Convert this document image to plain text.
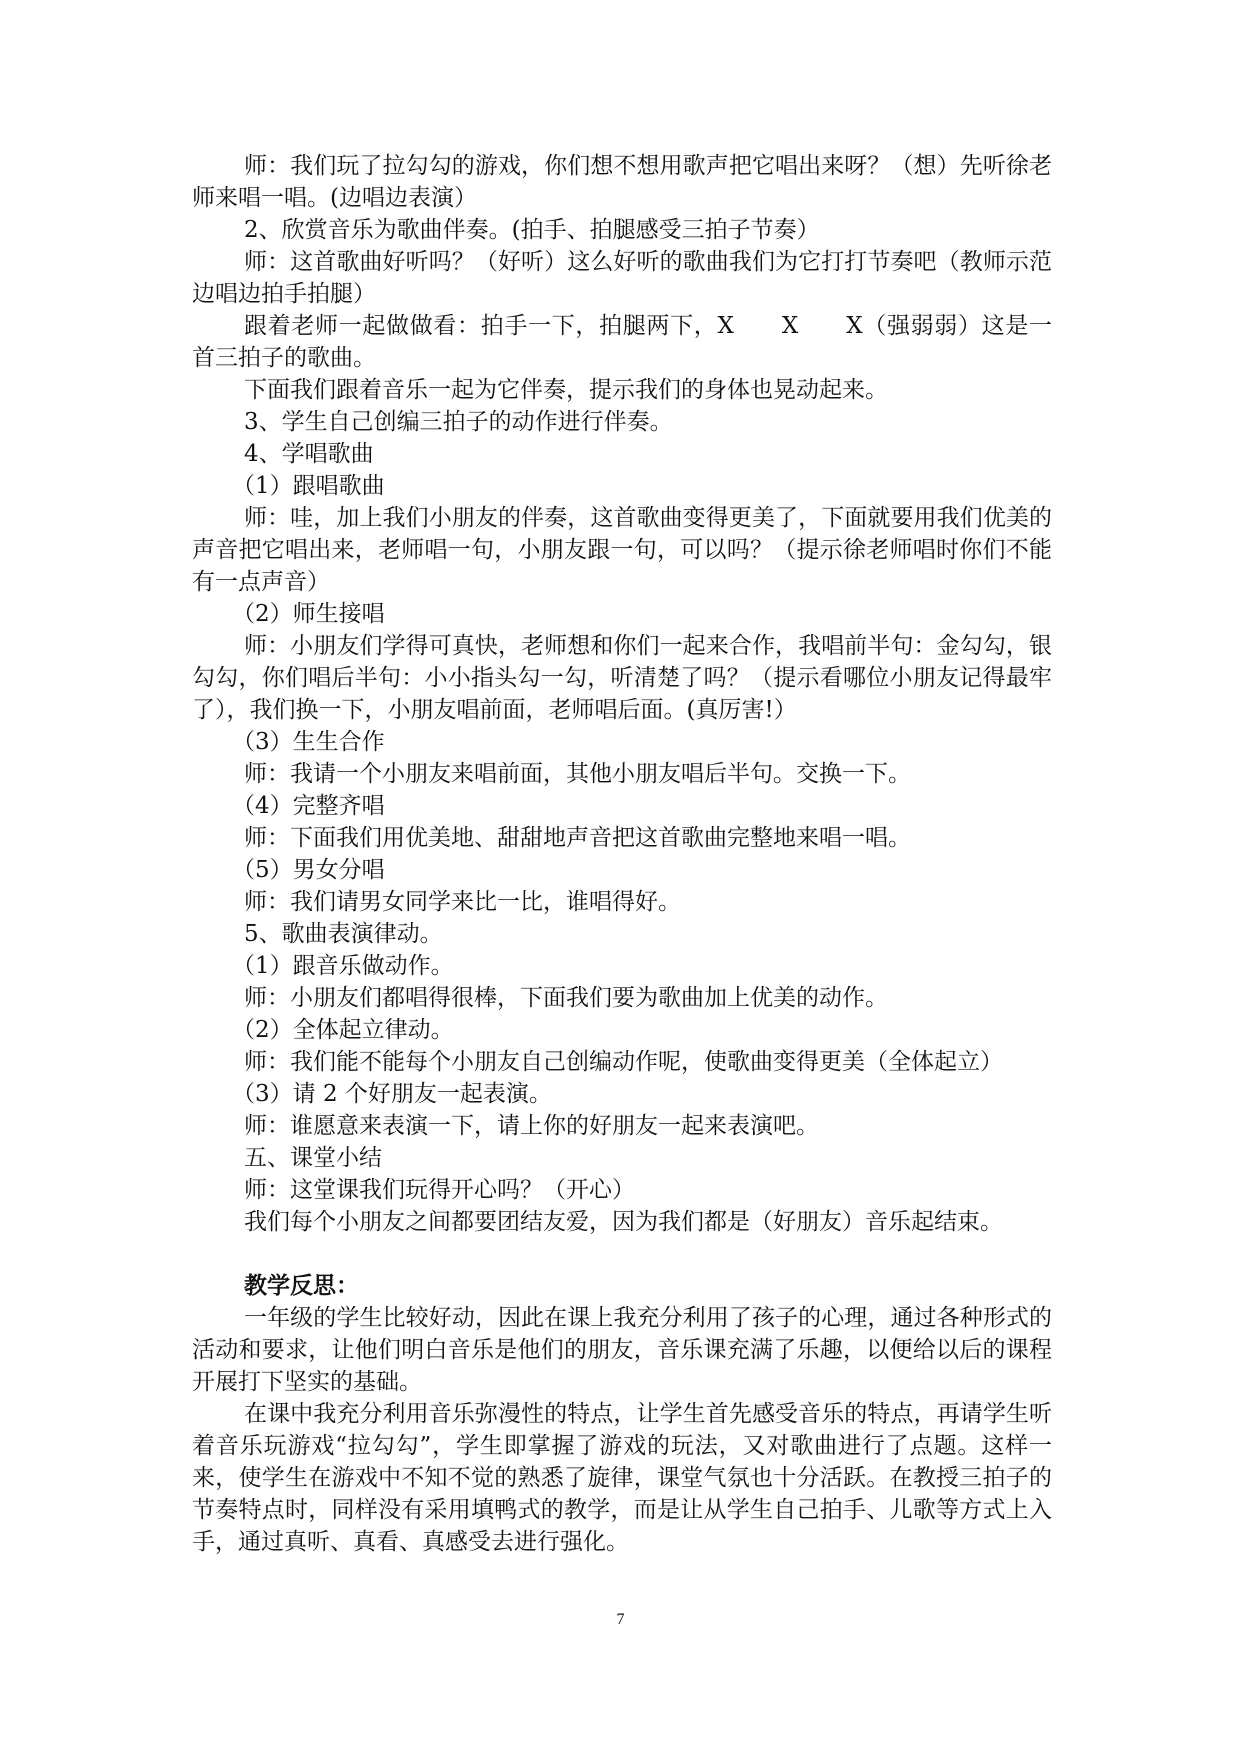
师：我们玩了拉勾勾的游戏，你们想不想用歌声把它唱出来呀？（想）先听徐老师来唱一唱。(边唱边表演）

2、欣赏音乐为歌曲伴奏。(拍手、拍腿感受三拍子节奏）

师：这首歌曲好听吗？（好听）这么好听的歌曲我们为它打打节奏吧（教师示范边唱边拍手拍腿）

跟着老师一起做做看：拍手一下，拍腿两下，X　　X　　X（强弱弱）这是一首三拍子的歌曲。

下面我们跟着音乐一起为它伴奏，提示我们的身体也晃动起来。

3、学生自己创编三拍子的动作进行伴奏。

4、学唱歌曲

（1）跟唱歌曲

师：哇，加上我们小朋友的伴奏，这首歌曲变得更美了，下面就要用我们优美的声音把它唱出来，老师唱一句，小朋友跟一句，可以吗？（提示徐老师唱时你们不能有一点声音）

（2）师生接唱

师：小朋友们学得可真快，老师想和你们一起来合作，我唱前半句：金勾勾，银勾勾，你们唱后半句：小小指头勾一勾，听清楚了吗？（提示看哪位小朋友记得最牢了），我们换一下，小朋友唱前面，老师唱后面。(真厉害!）

（3）生生合作

师：我请一个小朋友来唱前面，其他小朋友唱后半句。交换一下。

（4）完整齐唱

师：下面我们用优美地、甜甜地声音把这首歌曲完整地来唱一唱。

（5）男女分唱

师：我们请男女同学来比一比，谁唱得好。

5、歌曲表演律动。

（1）跟音乐做动作。

师：小朋友们都唱得很棒，下面我们要为歌曲加上优美的动作。

（2）全体起立律动。

师：我们能不能每个小朋友自己创编动作呢，使歌曲变得更美（全体起立）

（3）请 2 个好朋友一起表演。

师：谁愿意来表演一下，请上你的好朋友一起来表演吧。

五、课堂小结

师：这堂课我们玩得开心吗？（开心）

我们每个小朋友之间都要团结友爱，因为我们都是（好朋友）音乐起结束。

教学反思：

一年级的学生比较好动，因此在课上我充分利用了孩子的心理，通过各种形式的活动和要求，让他们明白音乐是他们的朋友，音乐课充满了乐趣，以便给以后的课程开展打下坚实的基础。

在课中我充分利用音乐弥漫性的特点，让学生首先感受音乐的特点，再请学生听着音乐玩游戏“拉勾勾”，学生即掌握了游戏的玩法，又对歌曲进行了点题。这样一来，使学生在游戏中不知不觉的熟悉了旋律，课堂气氛也十分活跃。在教授三拍子的节奏特点时，同样没有采用填鸭式的教学，而是让从学生自己拍手、儿歌等方式上入手，通过真听、真看、真感受去进行强化。

7
